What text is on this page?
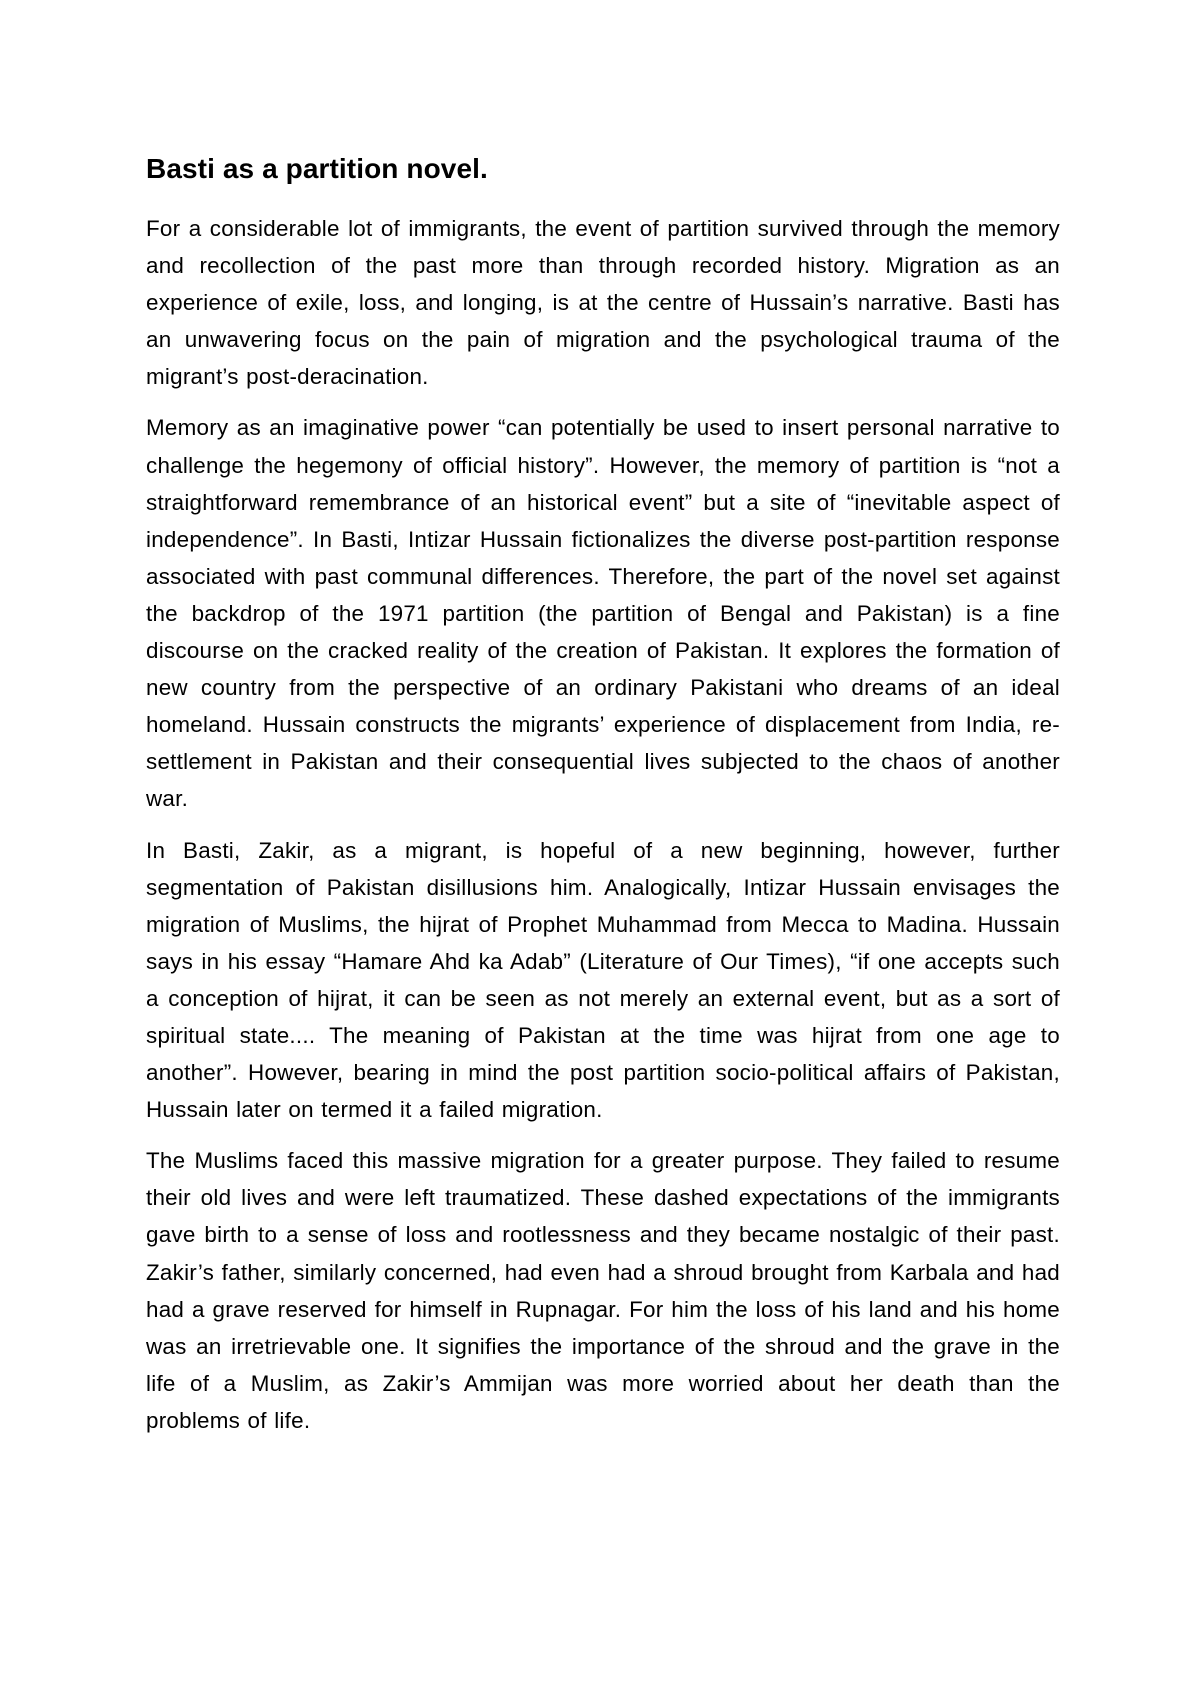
Basti as a partition novel.

For a considerable lot of immigrants, the event of partition survived through the memory and recollection of the past more than through recorded history. Migration as an experience of exile, loss, and longing, is at the centre of Hussain’s narrative. Basti has an unwavering focus on the pain of migration and the psychological trauma of the migrant’s post-deracination.

Memory as an imaginative power “can potentially be used to insert personal narrative to challenge the hegemony of official history”. However, the memory of partition is “not a straightforward remembrance of an historical event” but a site of “inevitable aspect of independence”. In Basti, Intizar Hussain fictionalizes the diverse post-partition response associated with past communal differences. Therefore, the part of the novel set against the backdrop of the 1971 partition (the partition of Bengal and Pakistan) is a fine discourse on the cracked reality of the creation of Pakistan. It explores the formation of new country from the perspective of an ordinary Pakistani who dreams of an ideal homeland. Hussain constructs the migrants’ experience of displacement from India, re-settlement in Pakistan and their consequential lives subjected to the chaos of another war.

In Basti, Zakir, as a migrant, is hopeful of a new beginning, however, further segmentation of Pakistan disillusions him. Analogically, Intizar Hussain envisages the migration of Muslims, the hijrat of Prophet Muhammad from Mecca to Madina. Hussain says in his essay “Hamare Ahd ka Adab” (Literature of Our Times), “if one accepts such a conception of hijrat, it can be seen as not merely an external event, but as a sort of spiritual state.... The meaning of Pakistan at the time was hijrat from one age to another”. However, bearing in mind the post partition socio-political affairs of Pakistan, Hussain later on termed it a failed migration.

The Muslims faced this massive migration for a greater purpose. They failed to resume their old lives and were left traumatized. These dashed expectations of the immigrants gave birth to a sense of loss and rootlessness and they became nostalgic of their past. Zakir’s father, similarly concerned, had even had a shroud brought from Karbala and had had a grave reserved for himself in Rupnagar. For him the loss of his land and his home was an irretrievable one. It signifies the importance of the shroud and the grave in the life of a Muslim, as Zakir’s Ammijan was more worried about her death than the problems of life.
